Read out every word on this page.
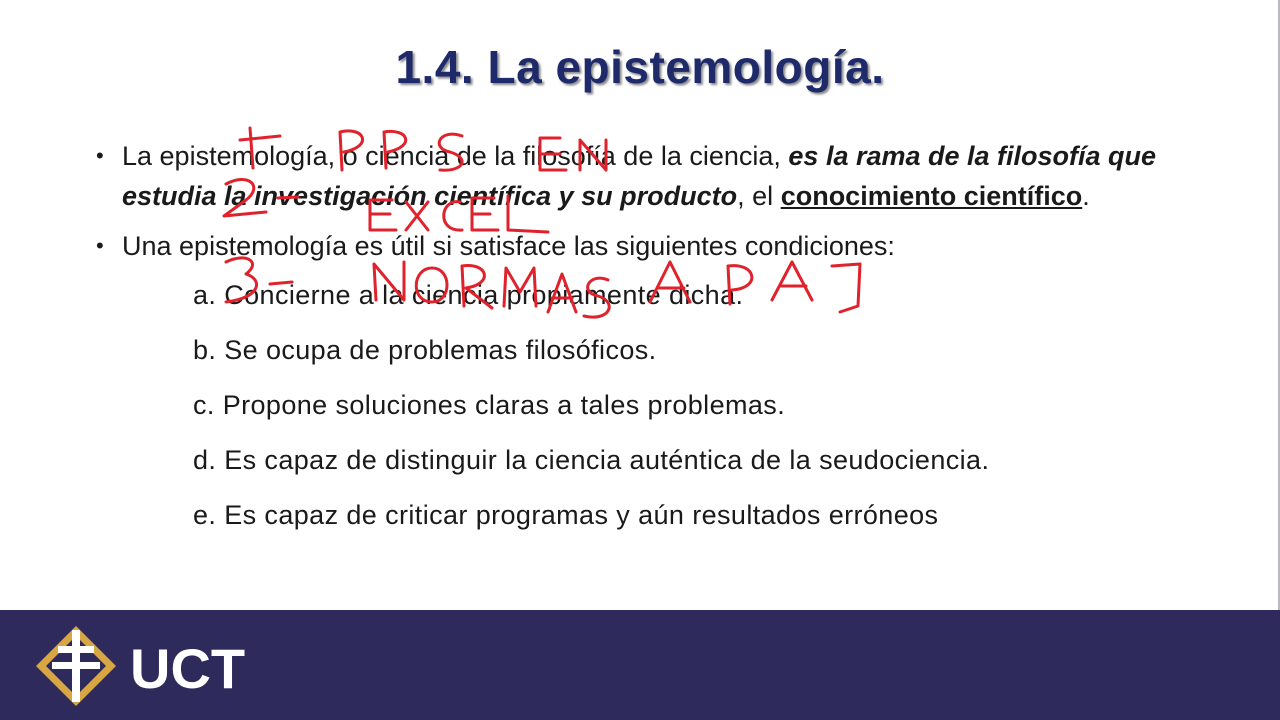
1.4. La epistemología.
• La epistemología, o ciencia de la filosofía de la ciencia, es la rama de la filosofía que estudia la investigación científica y su producto, el conocimiento científico.
• Una epistemología es útil si satisface las siguientes condiciones:
a. Concierne a la ciencia propiamente dicha.
b. Se ocupa de problemas filosóficos.
c. Propone soluciones claras a tales problemas.
d. Es capaz de distinguir la ciencia auténtica de la seudociencia.
e. Es capaz de criticar programas y aún resultados erróneos
UCT
